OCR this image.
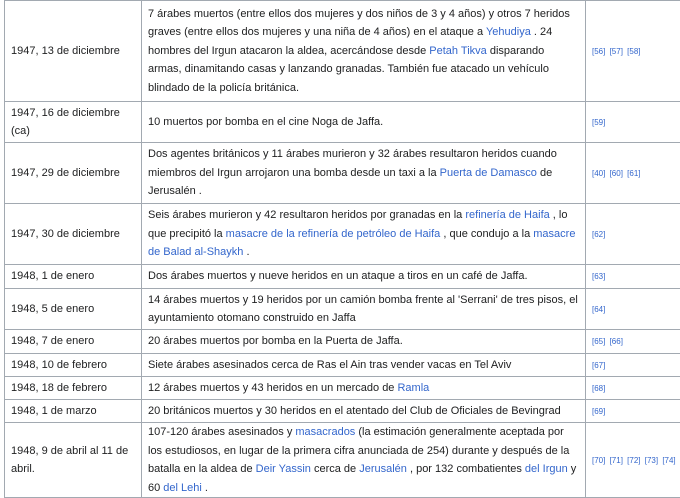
1947, 13 de diciembre	7 árabes muertos (entre ellos dos mujeres y dos niños de 3 y 4 años) y otros 7 heridos graves (entre ellos dos mujeres y una niña de 4 años) en el ataque a Yehudiya . 24 hombres del Irgun atacaron la aldea, acercándose desde Petah Tikva disparando armas, dinamitando casas y lanzando granadas. También fue atacado un vehículo blindado de la policía británica.	[56] [57] [58]
1947, 16 de diciembre (ca)	10 muertos por bomba en el cine Noga de Jaffa.	[59]
1947, 29 de diciembre	Dos agentes británicos y 11 árabes murieron y 32 árabes resultaron heridos cuando miembros del Irgun arrojaron una bomba desde un taxi a la Puerta de Damasco de Jerusalén .	[40] [60] [61]
1947, 30 de diciembre	Seis árabes murieron y 42 resultaron heridos por granadas en la refinería de Haifa , lo que precipitó la masacre de la refinería de petróleo de Haifa , que condujo a la masacre de Balad al-Shaykh .	[62]
1948, 1 de enero	Dos árabes muertos y nueve heridos en un ataque a tiros en un café de Jaffa.	[63]
1948, 5 de enero	14 árabes muertos y 19 heridos por un camión bomba frente al 'Serrani' de tres pisos, el ayuntamiento otomano construido en Jaffa	[64]
1948, 7 de enero	20 árabes muertos por bomba en la Puerta de Jaffa.	[65] [66]
1948, 10 de febrero	Siete árabes asesinados cerca de Ras el Ain tras vender vacas en Tel Aviv	[67]
1948, 18 de febrero	12 árabes muertos y 43 heridos en un mercado de Ramla	[68]
1948, 1 de marzo	20 británicos muertos y 30 heridos en el atentado del Club de Oficiales de Bevingrad	[69]
1948, 9 de abril al 11 de abril.	107-120 árabes asesinados y masacrados (la estimación generalmente aceptada por los estudiosos, en lugar de la primera cifra anunciada de 254) durante y después de la batalla en la aldea de Deir Yassin cerca de Jerusalén , por 132 combatientes del Irgun y 60 del Lehi .	[70] [71] [72] [73] [74]
